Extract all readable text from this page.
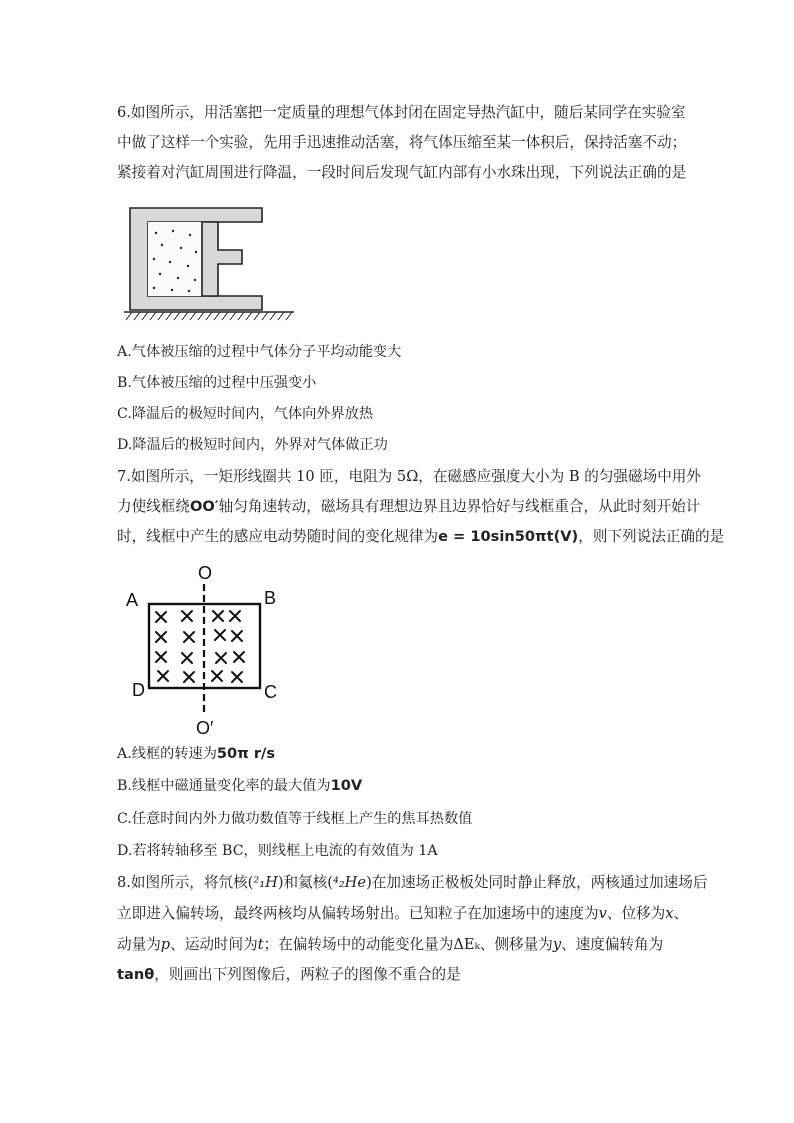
6.如图所示，用活塞把一定质量的理想气体封闭在固定导热汽缸中，随后某同学在实验室
中做了这样一个实验，先用手迅速推动活塞，将气体压缩至某一体积后，保持活塞不动；
紧接着对汽缸周围进行降温，一段时间后发现气缸内部有小水珠出现，下列说法正确的是
A.气体被压缩的过程中气体分子平均动能变大
B.气体被压缩的过程中压强变小
C.降温后的极短时间内，气体向外界放热
D.降温后的极短时间内，外界对气体做正功
7.如图所示，一矩形线圈共 10 匝，电阻为 5Ω，在磁感应强度大小为 B 的匀强磁场中用外
力使线框绕OO′轴匀角速转动，磁场具有理想边界且边界恰好与线框重合，从此时刻开始计
时，线框中产生的感应电动势随时间的变化规律为e = 10sin50πt(V)，则下列说法正确的是
O
A	B
D	C
O′
A.线框的转速为50π r/s
B.线框中磁通量变化率的最大值为10V
C.任意时间内外力做功数值等于线框上产生的焦耳热数值
D.若将转轴移至 BC，则线框上电流的有效值为 1A
8.如图所示，将氘核(²₁H)和氦核(⁴₂He)在加速场正极板处同时静止释放，两核通过加速场后
立即进入偏转场，最终两核均从偏转场射出。已知粒子在加速场中的速度为v、位移为x、
动量为p、运动时间为t；在偏转场中的动能变化量为ΔEₖ、侧移量为y、速度偏转角为
tanθ，则画出下列图像后，两粒子的图像不重合的是
